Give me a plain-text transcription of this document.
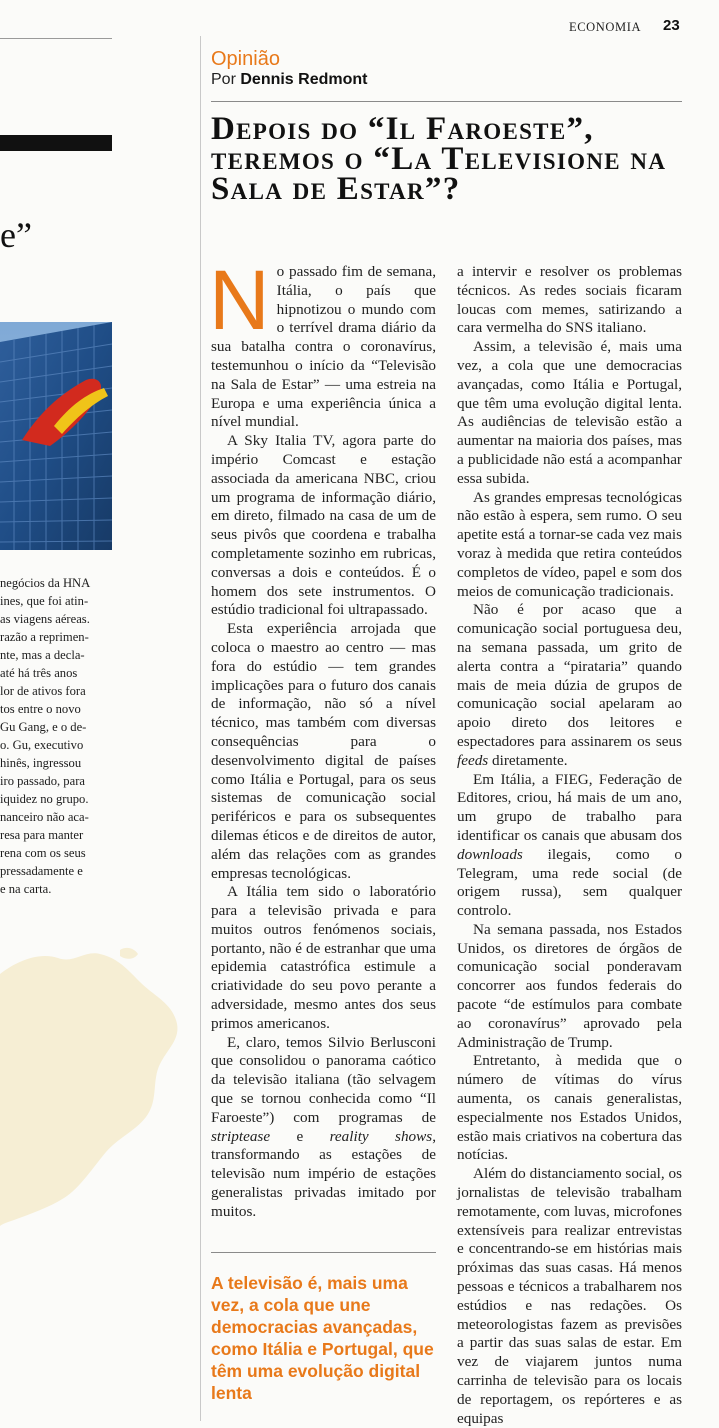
ECONOMIA 23
e”
negócios da HNA
ines, que foi atin-
as viagens aéreas.
razão a reprimen-
nte, mas a decla-
até há três anos
lor de ativos fora
tos entre o novo
Gu Gang, e o de-
o. Gu, executivo
hinês, ingressou
iro passado, para
iquidez no grupo.
nanceiro não aca-
resa para manter
rena com os seus
pressadamente e
e na carta.
Opinião
Por Dennis Redmont
Depois do “Il Faroeste”, teremos o “La Televisione na Sala de Estar”?

No passado fim de semana, Itália, o país que hipnotizou o mundo com o terrível drama diário da sua batalha contra o coronavírus, testemunhou o início da “Televisão na Sala de Estar” — uma estreia na Europa e uma experiência única a nível mundial.

A Sky Italia TV, agora parte do império Comcast e estação associada da americana NBC, criou um programa de informação diário, em direto, filmado na casa de um de seus pivôs que coordena e trabalha completamente sozinho em rubricas, conversas a dois e conteúdos. É o homem dos sete instrumentos. O estúdio tradicional foi ultrapassado.

Esta experiência arrojada que coloca o maestro ao centro — mas fora do estúdio — tem grandes implicações para o futuro dos canais de informação, não só a nível técnico, mas também com diversas consequências para o desenvolvimento digital de países como Itália e Portugal, para os seus sistemas de comunicação social periféricos e para os subsequentes dilemas éticos e de direitos de autor, além das relações com as grandes empresas tecnológicas.

A Itália tem sido o laboratório para a televisão privada e para muitos outros fenómenos sociais, portanto, não é de estranhar que uma epidemia catastrófica estimule a criatividade do seu povo perante a adversidade, mesmo antes dos seus primos americanos.

E, claro, temos Silvio Berlusconi que consolidou o panorama caótico da televisão italiana (tão selvagem que se tornou conhecida como “Il Faroeste”) com programas de striptease e reality shows, transformando as estações de televisão num império de estações generalistas privadas imitado por muitos.

A televisão é, mais uma vez, a cola que une democracias avançadas, como Itália e Portugal, que têm uma evolução digital lenta

a intervir e resolver os problemas técnicos. As redes sociais ficaram loucas com memes, satirizando a cara vermelha do SNS italiano.

Assim, a televisão é, mais uma vez, a cola que une democracias avançadas, como Itália e Portugal, que têm uma evolução digital lenta. As audiências de televisão estão a aumentar na maioria dos países, mas a publicidade não está a acompanhar essa subida.

As grandes empresas tecnológicas não estão à espera, sem rumo. O seu apetite está a tornar-se cada vez mais voraz à medida que retira conteúdos completos de vídeo, papel e som dos meios de comunicação tradicionais.

Não é por acaso que a comunicação social portuguesa deu, na semana passada, um grito de alerta contra a “pirataria” quando mais de meia dúzia de grupos de comunicação social apelaram ao apoio direto dos leitores e espectadores para assinarem os seus feeds diretamente.

Em Itália, a FIEG, Federação de Editores, criou, há mais de um ano, um grupo de trabalho para identificar os canais que abusam dos downloads ilegais, como o Telegram, uma rede social (de origem russa), sem qualquer controlo.

Na semana passada, nos Estados Unidos, os diretores de órgãos de comunicação social ponderavam concorrer aos fundos federais do pacote “de estímulos para combate ao coronavírus” aprovado pela Administração de Trump.

Entretanto, à medida que o número de vítimas do vírus aumenta, os canais generalistas, especialmente nos Estados Unidos, estão mais criativos na cobertura das notícias.

Além do distanciamento social, os jornalistas de televisão trabalham remotamente, com luvas, microfones extensíveis para realizar entrevistas e concentrando-se em histórias mais próximas das suas casas. Há menos pessoas e técnicos a trabalharem nos estúdios e nas redações. Os meteorologistas fazem as previsões a partir das suas salas de estar. Em vez de viajarem juntos numa carrinha de televisão para os locais de reportagem, os repórteres e as equipas
